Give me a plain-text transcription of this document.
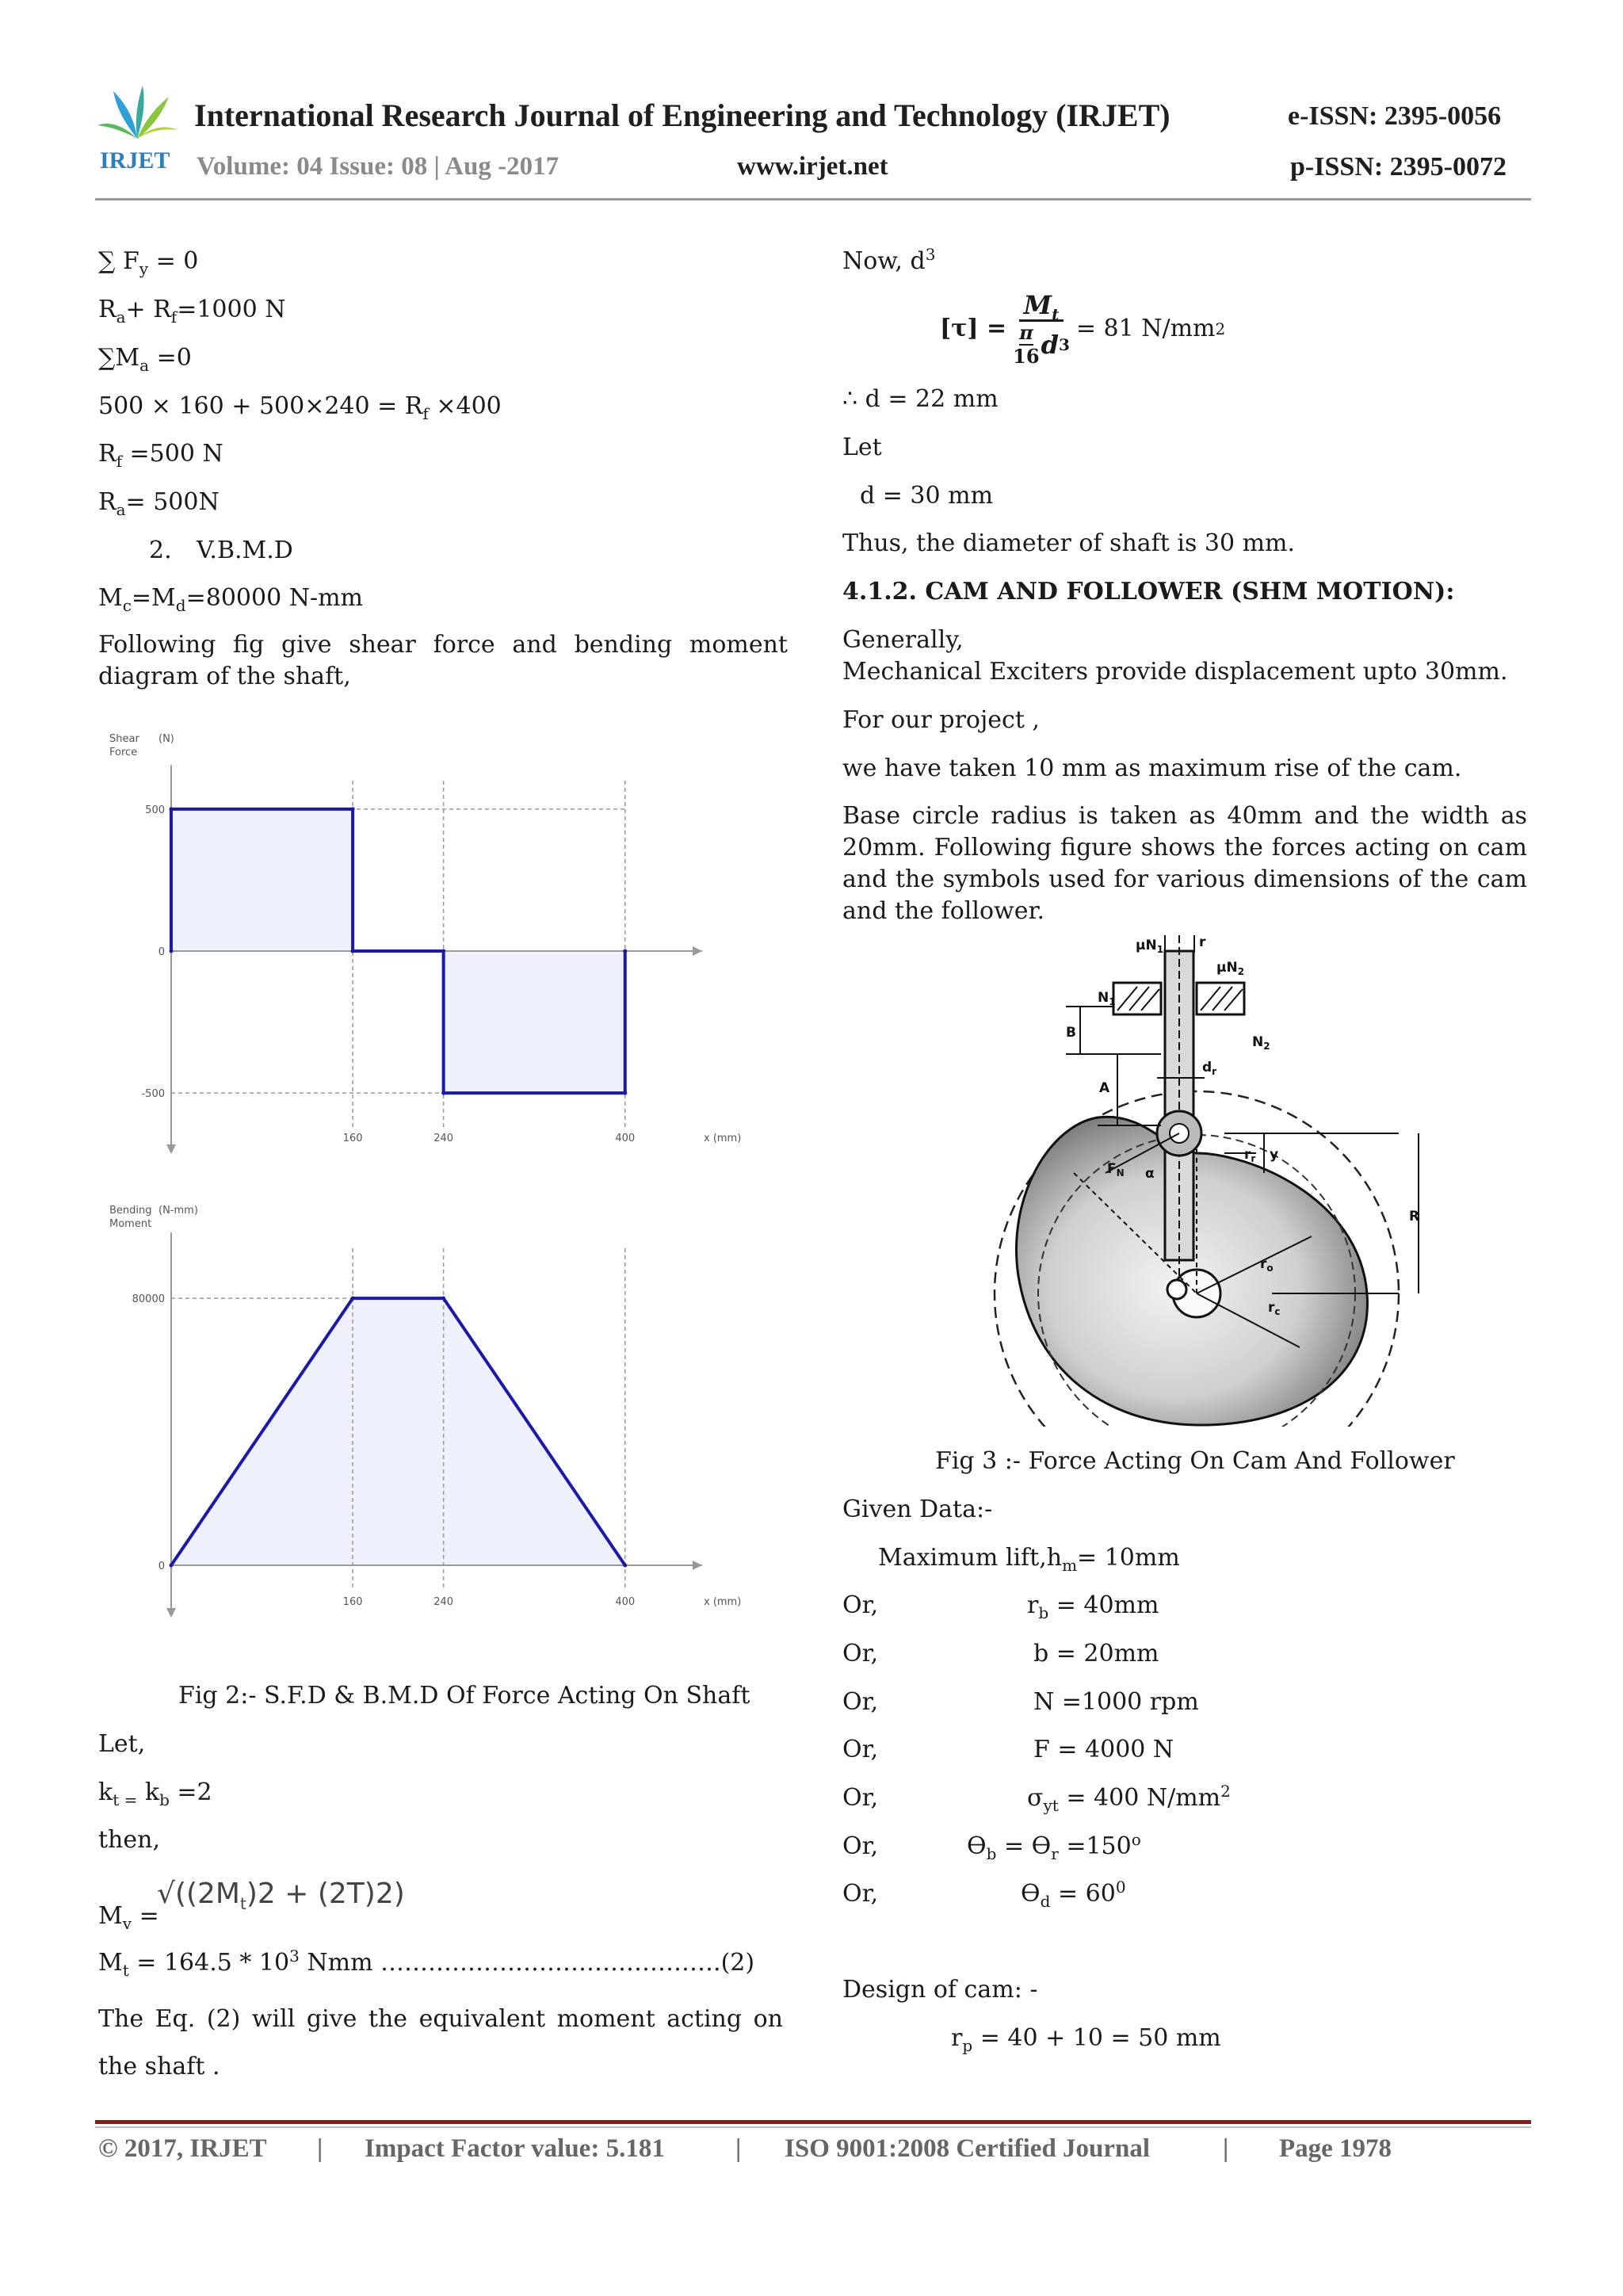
IRJET
International Research Journal of Engineering and Technology (IRJET)	e-ISSN: 2395-0056
Volume: 04 Issue: 08 | Aug -2017	www.irjet.net	p-ISSN: 2395-0072
∑ $F_y = 0$
$R_a+ R_f=1000$ N
$\sum M_a =0$
$500 \times 160 + 500\times 240 = R_f \times 400$
$R_f =500$ N
$R_a= 500N$
2. V.B.M.D
$M_c=M_d=80000$ N-mm
Following fig give shear force and bending moment diagram of the shaft,
Shear
Force
(N)
500
0
-500
160	240	400	x (mm)
Bending
Moment
(N-mm)
80000
0
160	240	400	x (mm)
Fig 2:- S.F.D & B.M.D Of Force Acting On Shaft
Let,
$k_{t =}$ $k_b =2$
then,
$M_v$ =
$√((2M_t)2 + (2T)2)$
$M_t = 164.5 * 10^3$ Nmm …………………………………….(2)
The Eq. (2) will give the equivalent moment acting on the shaft .
Now, $d^3$
$[\tau] = \frac{M_t}{\frac{\pi}{16} d 3} = 81$ N/mm 2
∴ d = 22 mm
Let
d = 30 mm
Thus, the diameter of shaft is 30 mm.
4.1.2. CAM AND FOLLOWER (SHM MOTION):
Generally,
Mechanical Exciters provide displacement upto 30mm.
For our project ,
we have taken 10 mm as maximum rise of the cam.
Base circle radius is taken as 40mm and the width as 20mm. Following figure shows the forces acting on cam and the symbols used for various dimensions of the cam and the follower.
$\mu N_1$	r
$\mu N_2$
$N_1$
$N_2$
B
A
$d_r$
$r_r$ y
$F_N$ α
R
$r_o$
$r_c$
Fig 3 :- Force Acting On Cam And Follower
Given Data:-
Maximum $lift,h_m= 10mm$
Or,	$r_b = 40mm$
Or,	b = 20mm
Or,	N =1000 rpm
Or,	F = 4000 N
Or,	$\sigma_{yt} = 400$ $N/mm^2$
Or,	$Ɵ_b$ = $Ɵ_r =150^o$
Or,	$Ɵ_d = 60^0$
Design of cam: -
$r_p = 40 + 10 = 50$ mm
© 2017, IRJET | Impact Factor value: 5.181	| ISO 9001:2008 Certified Journal	| Page 1978
